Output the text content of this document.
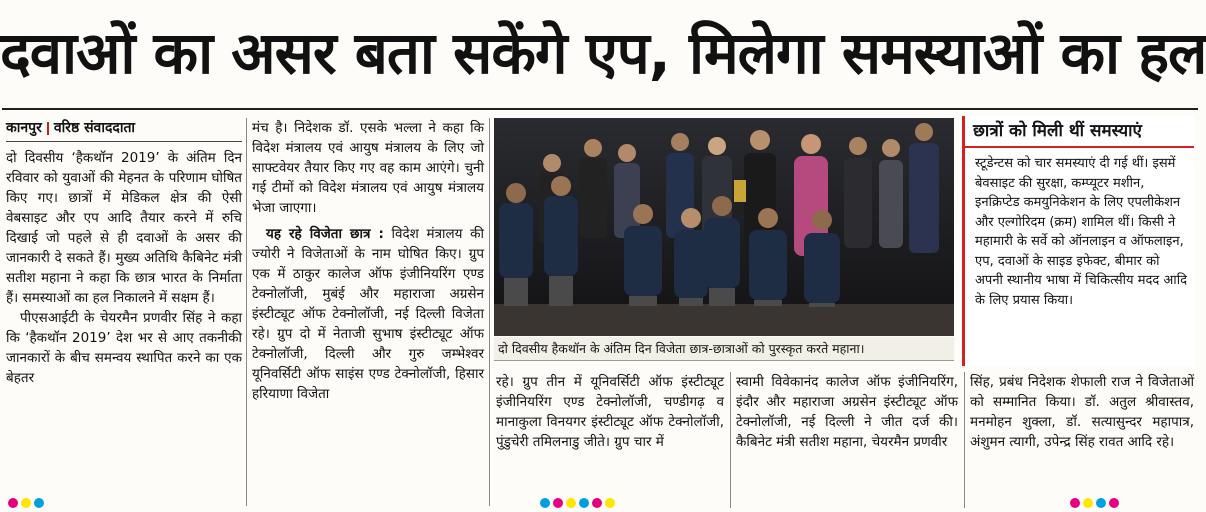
दवाओं का असर बता सकेंगे एप, मिलेगा समस्याओं का हल
कानपुर वरिष्ठ संवाददाता

दो दिवसीय ‘हैकथॉन 2019’ के अंतिम दिन रविवार को युवाओं की मेहनत के परिणाम घोषित किए गए। छात्रों में मेडिकल क्षेत्र की ऐसी वेबसाइट और एप आदि तैयार करने में रुचि दिखाई जो पहले से ही दवाओं के असर की जानकारी दे सकते हैं। मुख्य अतिथि कैबिनेट मंत्री सतीश महाना ने कहा कि छात्र भारत के निर्माता हैं। समस्याओं का हल निकालने में सक्षम हैं।

पीएसआईटी के चेयरमैन प्रणवीर सिंह ने कहा कि ‘हैकथॉन 2019’ देश भर से आए तकनीकी जानकारों के बीच समन्वय स्थापित करने का एक बेहतर

मंच है। निदेशक डॉ. एसके भल्ला ने कहा कि विदेश मंत्रालय एवं आयुष मंत्रालय के लिए जो साफ्टवेयर तैयार किए गए वह काम आएंगे। चुनी गई टीमों को विदेश मंत्रालय एवं आयुष मंत्रालय भेजा जाएगा।

यह रहे विजेता छात्र : विदेश मंत्रालय की ज्योरी ने विजेताओं के नाम घोषित किए। ग्रुप एक में ठाकुर कालेज ऑफ इंजीनियरिंग एण्ड टेक्नोलॉजी, मुबंई और महाराजा अग्रसेन इंस्टीट्यूट ऑफ टेक्नोलॉजी, नई दिल्ली विजेता रहे। ग्रुप दो में नेताजी सुभाष इंस्टीट्यूट ऑफ टेक्नोलॉजी, दिल्ली और गुरु जम्भेश्वर यूनिवर्सिटी ऑफ साइंस एण्ड टेक्नोलॉजी, हिसार हरियाणा विजेता

दो दिवसीय हैकथॉन के अंतिम दिन विजेता छात्र-छात्राओं को पुरस्कृत करते महाना।
छात्रों को मिली थीं समस्याएं
स्टूडेन्टस को चार समस्याएं दी गई थीं। इसमें बेवसाइट की सुरक्षा, कम्प्यूटर मशीन, इनक्रिप्टेड कमयुनिकेशन के लिए एपलीकेशन और एल्गोरिदम (क्रम) शामिल थीं। किसी ने महामारी के सर्वे को ऑनलाइन व ऑफलाइन, एप, दवाओं के साइड इफेक्ट, बीमार को अपनी स्थानीय भाषा में चिकित्सीय मदद आदि के लिए प्रयास किया।
रहे। ग्रुप तीन में यूनिवर्सिटी ऑफ इंस्टीट्यूट इंजीनियरिंग एण्ड टेक्नोलॉजी, चण्डीगढ़ व मानाकुला विनयगर इंस्टीट्यूट ऑफ टेक्नोलॉजी, पुंडुचेरी तमिलनाडु जीते। ग्रुप चार में
स्वामी विवेकानंद कालेज ऑफ इंजीनियरिंग, इंदौर और महाराजा अग्रसेन इंस्टीट्यूट ऑफ टेक्नोलॉजी, नई दिल्ली ने जीत दर्ज की। कैबिनेट मंत्री सतीश महाना, चेयरमैन प्रणवीर
सिंह, प्रबंध निदेशक शेफाली राज ने विजेताओं को सम्मानित किया। डॉ. अतुल श्रीवास्तव, मनमोहन शुक्ला, डॉ. सत्यासुन्दर महापात्र, अंशुमन त्यागी, उपेन्द्र सिंह रावत आदि रहे।
